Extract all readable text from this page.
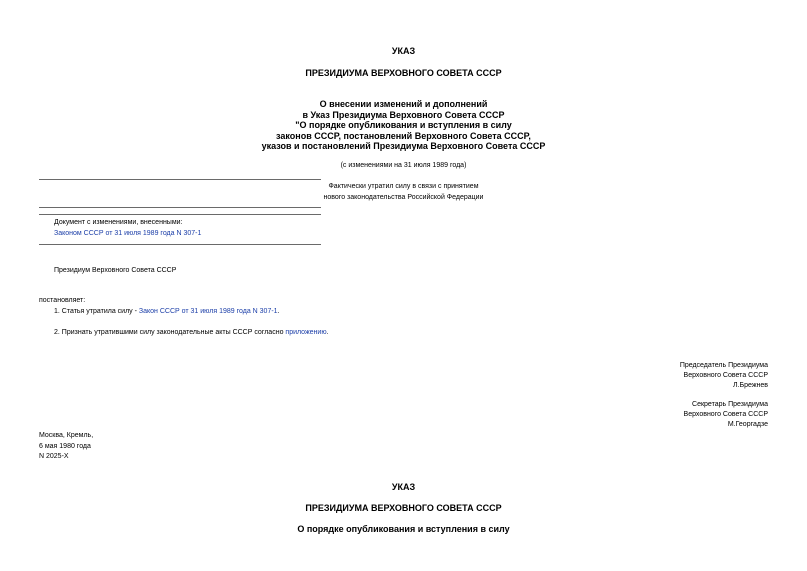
УКАЗ
ПРЕЗИДИУМА ВЕРХОВНОГО СОВЕТА СССР
О внесении изменений и дополнений
в Указ Президиума Верховного Совета СССР
"О порядке опубликования и вступления в силу
законов СССР, постановлений Верховного Совета СССР,
указов и постановлений Президиума Верховного Совета СССР
(с изменениями на 31 июля 1989 года)
Фактически утратил силу в связи с принятием
нового законодательства Российской Федерации
Документ с изменениями, внесенными:
Законом СССР от 31 июля 1989 года N 307-1
Президиум Верховного Совета СССР
постановляет:
1. Статья утратила силу - Закон СССР от 31 июля 1989 года N 307-1.
2. Признать утратившими силу законодательные акты СССР согласно приложению.
Председатель Президиума
Верховного Совета СССР
Л.Брежнев
Секретарь Президиума
Верховного Совета СССР
М.Георгадзе
Москва, Кремль,
6 мая 1980 года
N 2025-X
УКАЗ
ПРЕЗИДИУМА ВЕРХОВНОГО СОВЕТА СССР
О порядке опубликования и вступления в силу
